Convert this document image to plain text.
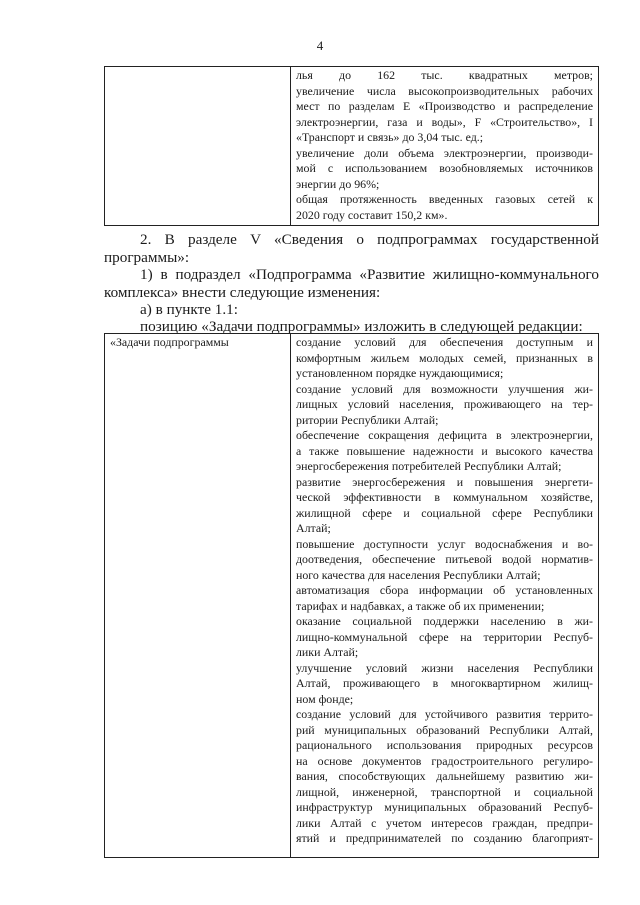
4

лья до 162 тыс. квадратных метров;
увеличение числа высокопроизводительных рабочих
мест по разделам E «Производство и распределение
электроэнергии, газа и воды», F «Строительство», I
«Транспорт и связь» до 3,04 тыс. ед.;
увеличение доли объема электроэнергии, производи-
мой с использованием возобновляемых источников
энергии до 96%;
общая протяженность введенных газовых сетей к
2020 году составит 150,2 км».
2. В разделе V «Сведения о подпрограммах государственной
программы»:
1) в подраздел «Подпрограмма «Развитие жилищно-коммунального
комплекса» внести следующие изменения:
а) в пункте 1.1:
позицию «Задачи подпрограммы» изложить в следующей редакции:
«Задачи подпрограммы	создание условий для обеспечения доступным и
комфортным жильем молодых семей, признанных в
установленном порядке нуждающимися;
создание условий для возможности улучшения жи-
лищных условий населения, проживающего на тер-
ритории Республики Алтай;
обеспечение сокращения дефицита в электроэнергии,
а также повышение надежности и высокого качества
энергосбережения потребителей Республики Алтай;
развитие энергосбережения и повышения энергети-
ческой эффективности в коммунальном хозяйстве,
жилищной сфере и социальной сфере Республики
Алтай;
повышение доступности услуг водоснабжения и во-
доотведения, обеспечение питьевой водой норматив-
ного качества для населения Республики Алтай;
автоматизация сбора информации об установленных
тарифах и надбавках, а также об их применении;
оказание социальной поддержки населению в жи-
лищно-коммунальной сфере на территории Респуб-
лики Алтай;
улучшение условий жизни населения Республики
Алтай, проживающего в многоквартирном жилищ-
ном фонде;
создание условий для устойчивого развития террито-
рий муниципальных образований Республики Алтай,
рационального использования природных ресурсов
на основе документов градостроительного регулиро-
вания, способствующих дальнейшему развитию жи-
лищной, инженерной, транспортной и социальной
инфраструктур муниципальных образований Респуб-
лики Алтай с учетом интересов граждан, предпри-
ятий и предпринимателей по созданию благоприят-
